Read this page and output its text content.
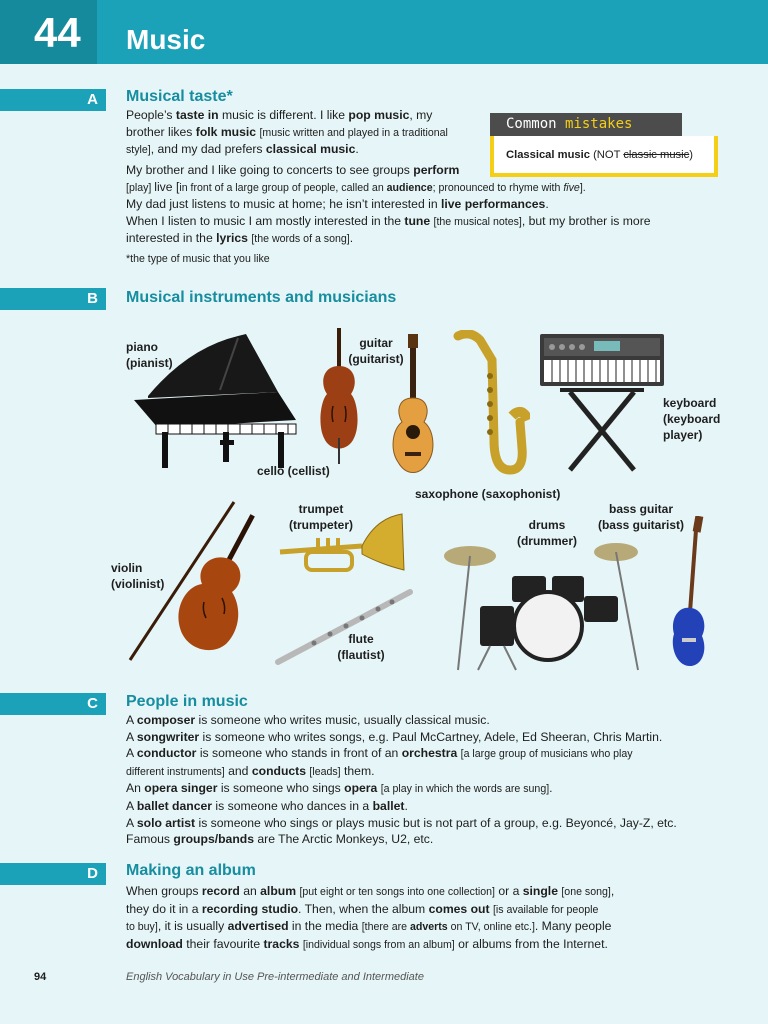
44 Music
A Musical taste*

People’s taste in music is different. I like pop music, my

brother likes folk music [music written and played in a traditional

style], and my dad prefers classical music.

My brother and I like going to concerts to see groups perform

[play] live [in front of a large group of people, called an audience; pronounced to rhyme with five].

My dad just listens to music at home; he isn’t interested in live performances.

When I listen to music I am mostly interested in the tune [the musical notes], but my brother is more

interested in the lyrics [the words of a song].

*the type of music that you like
Common mistakes
Classical music (NOT classic music)
B Musical instruments and musicians
piano
(pianist)
guitar
(guitarist)
cello (cellist)
keyboard
(keyboard
player)
saxophone (saxophonist)
trumpet
(trumpeter)	drums
(drummer)
bass guitar
(bass guitarist)
violin
(violinist)
flute
(flautist)
C People in music

A composer is someone who writes music, usually classical music.

A songwriter is someone who writes songs, e.g. Paul McCartney, Adele, Ed Sheeran, Chris Martin.

A conductor is someone who stands in front of an orchestra [a large group of musicians who play

different instruments] and conducts [leads] them.

An opera singer is someone who sings opera [a play in which the words are sung].

A ballet dancer is someone who dances in a ballet.

A solo artist is someone who sings or plays music but is not part of a group, e.g. Beyoncé, Jay-Z, etc.

Famous groups/bands are The Arctic Monkeys, U2, etc.

D Making an album

When groups record an album [put eight or ten songs into one collection] or a single [one song],

they do it in a recording studio. Then, when the album comes out [is available for people

to buy], it is usually advertised in the media [there are adverts on TV, online etc.]. Many people

download their favourite tracks [individual songs from an album] or albums from the Internet.

94	English Vocabulary in Use Pre-intermediate and Intermediate
